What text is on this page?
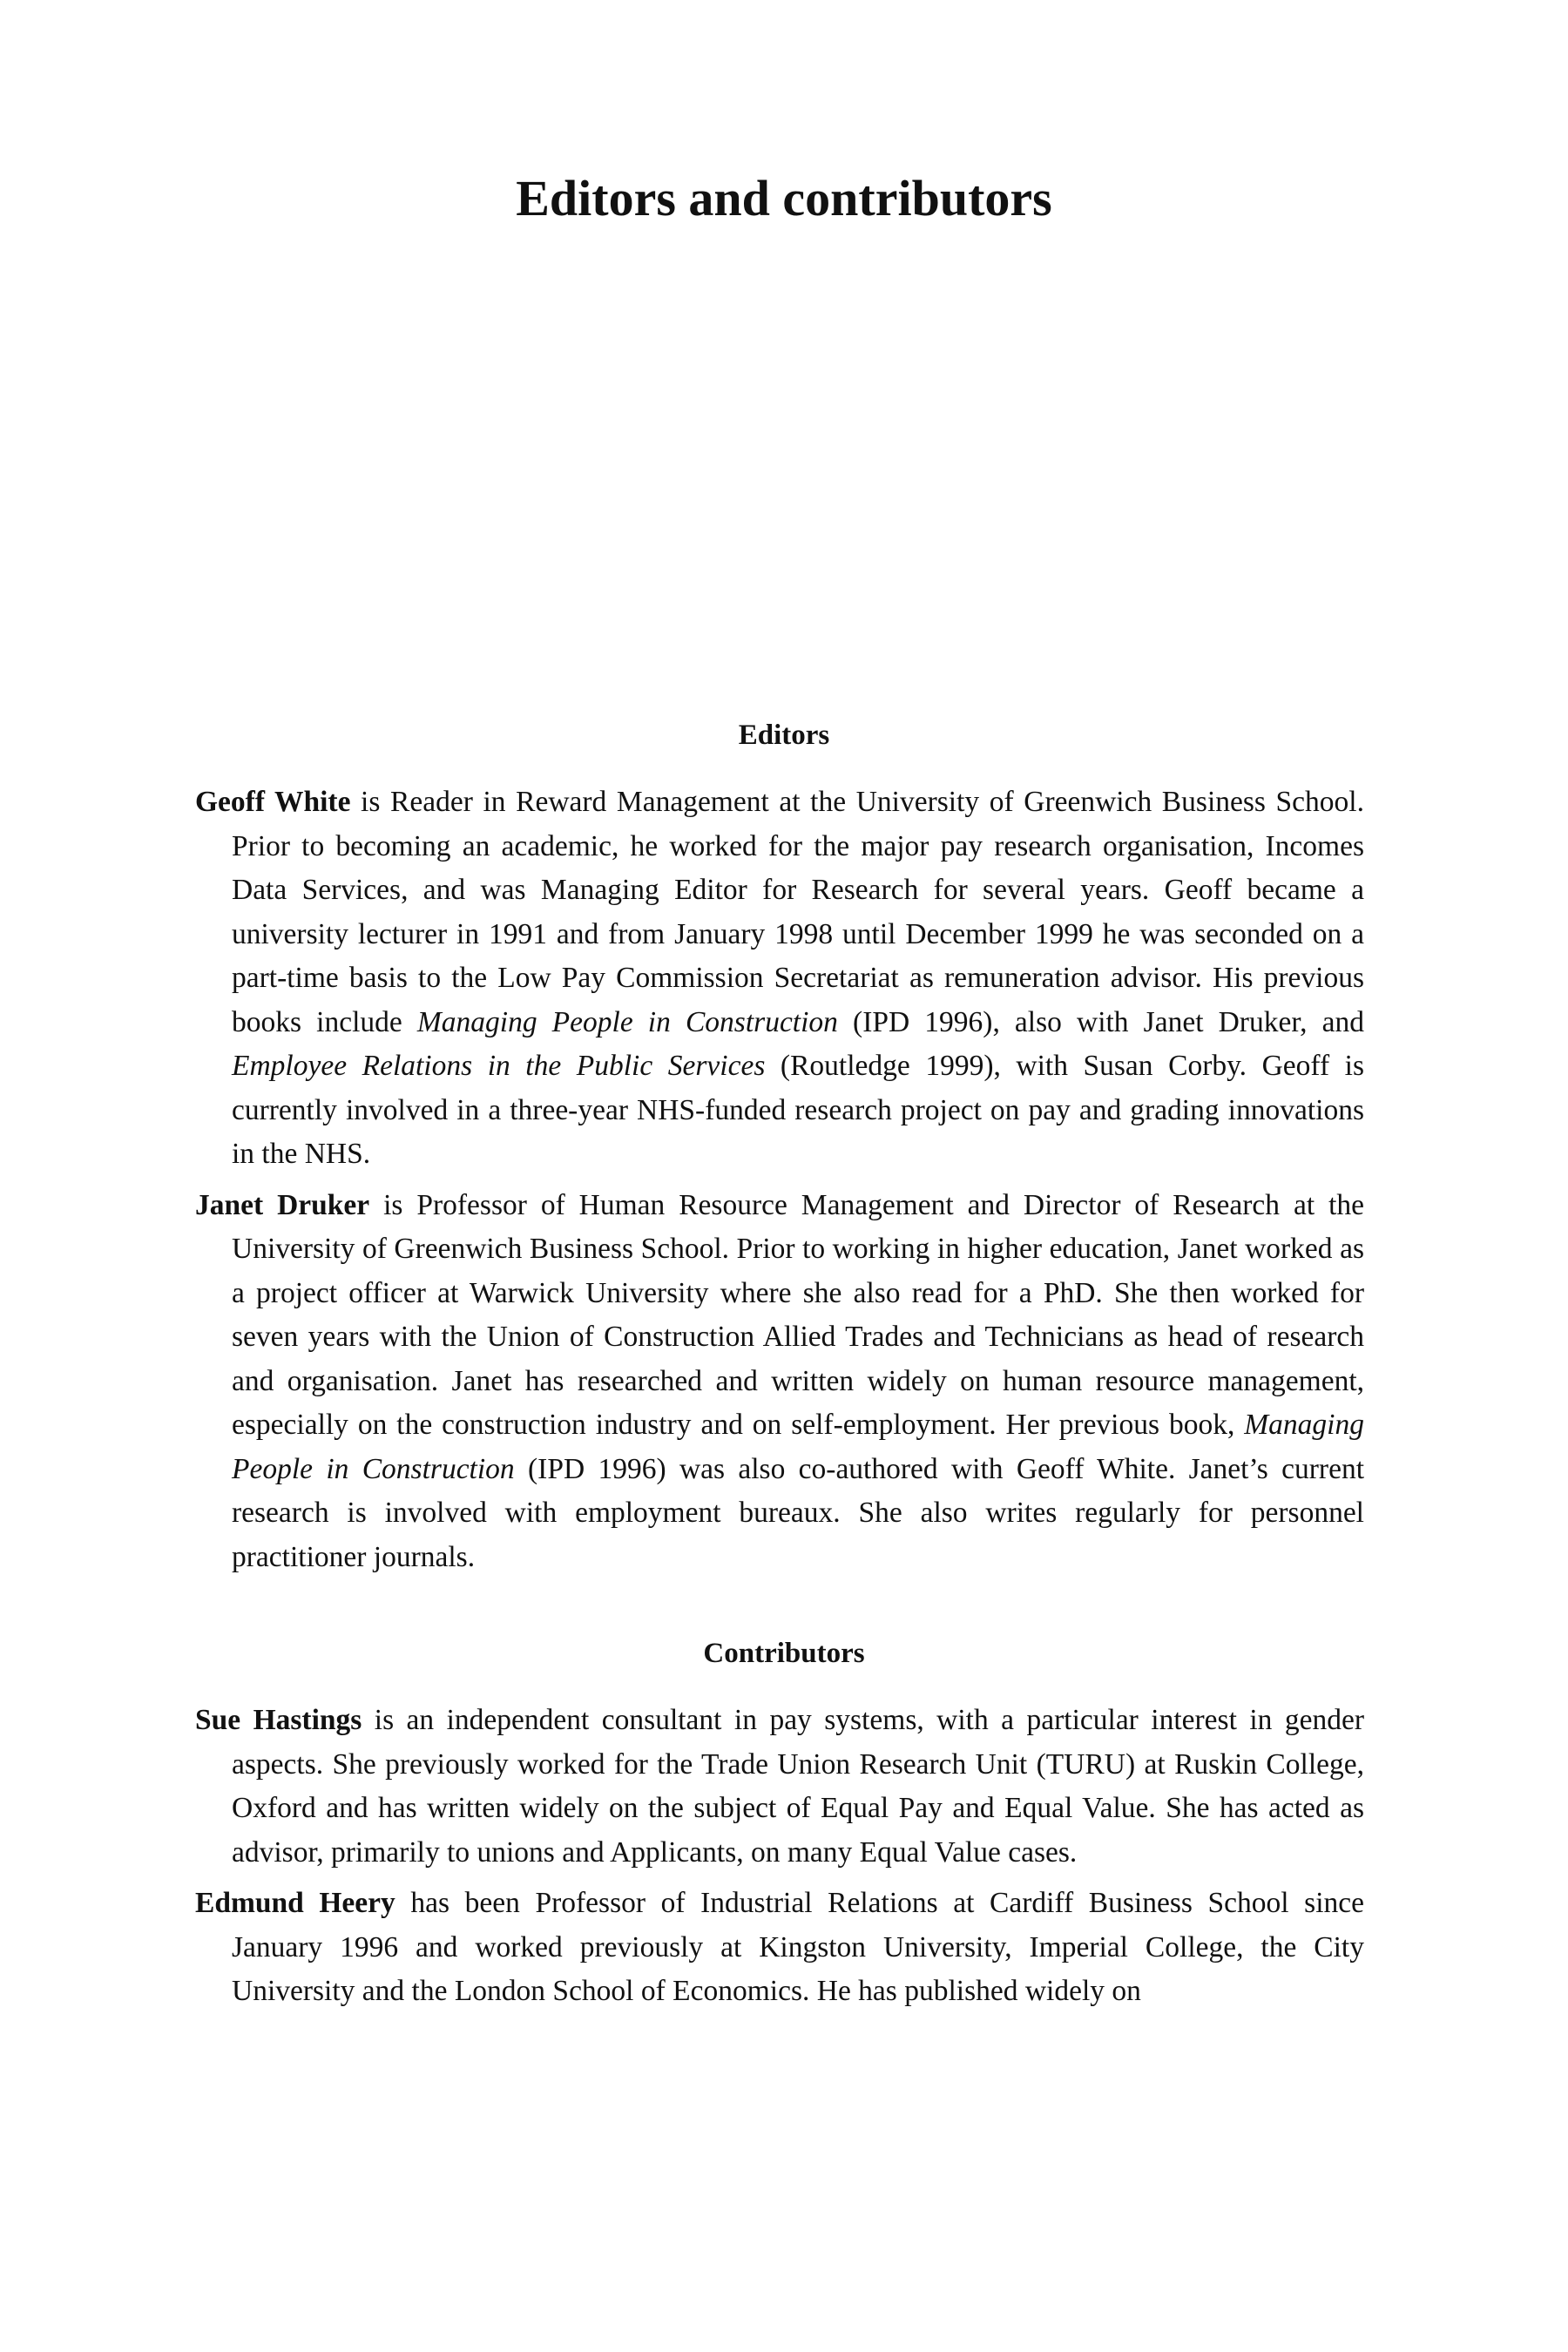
Editors and contributors
Editors

Geoff White is Reader in Reward Management at the University of Greenwich Business School. Prior to becoming an academic, he worked for the major pay research organisation, Incomes Data Services, and was Managing Editor for Research for several years. Geoff became a university lecturer in 1991 and from January 1998 until December 1999 he was seconded on a part-time basis to the Low Pay Commission Secretariat as remuneration advisor. His previous books include Managing People in Construction (IPD 1996), also with Janet Druker, and Employee Relations in the Public Services (Routledge 1999), with Susan Corby. Geoff is currently involved in a three-year NHS-funded research project on pay and grading innovations in the NHS.

Janet Druker is Professor of Human Resource Management and Director of Research at the University of Greenwich Business School. Prior to working in higher education, Janet worked as a project officer at Warwick University where she also read for a PhD. She then worked for seven years with the Union of Construction Allied Trades and Technicians as head of research and organisation. Janet has researched and written widely on human resource management, especially on the construction industry and on self-employment. Her previous book, Managing People in Construction (IPD 1996) was also co-authored with Geoff White. Janet’s current research is involved with employment bureaux. She also writes regularly for personnel practitioner journals.

Contributors

Sue Hastings is an independent consultant in pay systems, with a particular interest in gender aspects. She previously worked for the Trade Union Research Unit (TURU) at Ruskin College, Oxford and has written widely on the subject of Equal Pay and Equal Value. She has acted as advisor, primarily to unions and Applicants, on many Equal Value cases.

Edmund Heery has been Professor of Industrial Relations at Cardiff Business School since January 1996 and worked previously at Kingston University, Imperial College, the City University and the London School of Economics. He has published widely on
